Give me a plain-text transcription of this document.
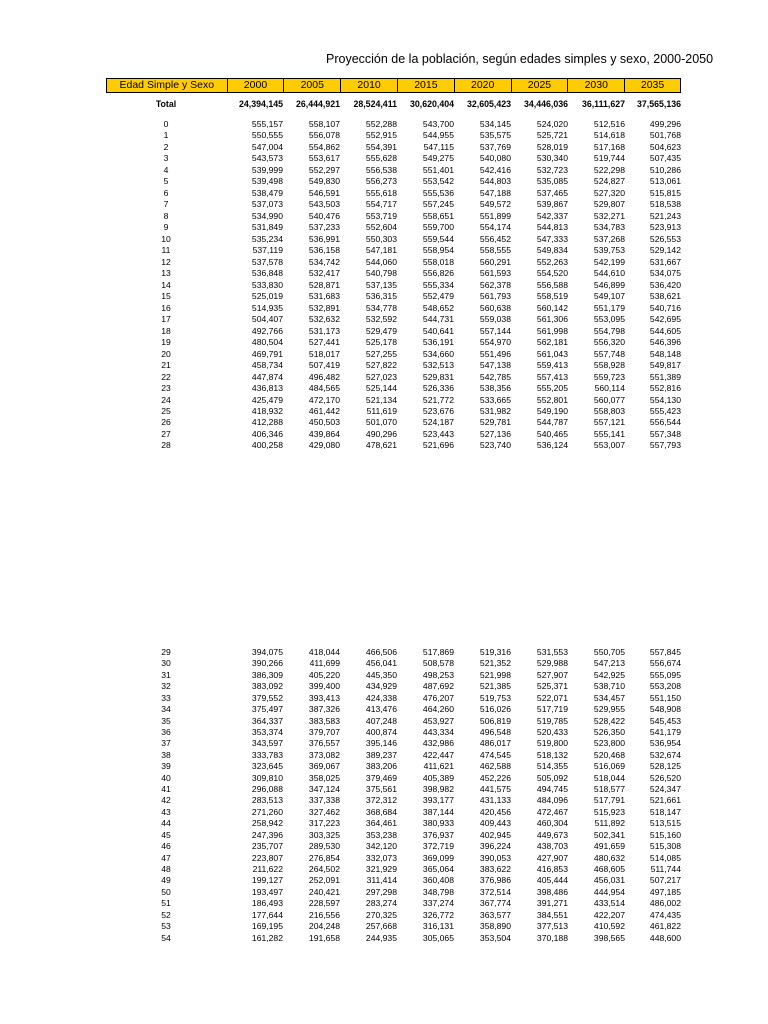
Proyección de la población, según edades simples y sexo, 2000-2050
Edad Simple y Sexo	2000	2005	2010	2015	2020	2025	2030	2035
Total	24,394,145	26,444,921	28,524,411	30,620,404	32,605,423	34,446,036	36,111,627	37,565,136
0	555,157	558,107	552,288	543,700	534,145	524,020	512,516	499,296
1	550,555	556,078	552,915	544,955	535,575	525,721	514,618	501,768
2	547,004	554,862	554,391	547,115	537,769	528,019	517,168	504,623
3	543,573	553,617	555,628	549,275	540,080	530,340	519,744	507,435
4	539,999	552,297	556,538	551,401	542,416	532,723	522,298	510,286
5	539,498	549,830	556,273	553,542	544,803	535,085	524,827	513,061
6	538,479	546,591	555,618	555,536	547,188	537,465	527,320	515,815
7	537,073	543,503	554,717	557,245	549,572	539,867	529,807	518,538
8	534,990	540,476	553,719	558,651	551,899	542,337	532,271	521,243
9	531,849	537,233	552,604	559,700	554,174	544,813	534,783	523,913
10	535,234	536,991	550,303	559,544	556,452	547,333	537,268	526,553
11	537,119	536,158	547,181	558,954	558,555	549,834	539,753	529,142
12	537,578	534,742	544,060	558,018	560,291	552,263	542,199	531,667
13	536,848	532,417	540,798	556,826	561,593	554,520	544,610	534,075
14	533,830	528,871	537,135	555,334	562,378	556,588	546,899	536,420
15	525,019	531,683	536,315	552,479	561,793	558,519	549,107	538,621
16	514,935	532,891	534,778	548,652	560,638	560,142	551,179	540,716
17	504,407	532,632	532,592	544,731	559,038	561,306	553,095	542,695
18	492,766	531,173	529,479	540,641	557,144	561,998	554,798	544,605
19	480,504	527,441	525,178	536,191	554,970	562,181	556,320	546,396
20	469,791	518,017	527,255	534,660	551,496	561,043	557,748	548,148
21	458,734	507,419	527,822	532,513	547,138	559,413	558,928	549,817
22	447,874	496,482	527,023	529,831	542,785	557,413	559,723	551,389
23	436,813	484,565	525,144	526,336	538,356	555,205	560,114	552,816
24	425,479	472,170	521,134	521,772	533,665	552,801	560,077	554,130
25	418,932	461,442	511,619	523,676	531,982	549,190	558,803	555,423
26	412,288	450,503	501,070	524,187	529,781	544,787	557,121	556,544
27	406,346	439,864	490,296	523,443	527,136	540,465	555,141	557,348
28	400,258	429,080	478,621	521,696	523,740	536,124	553,007	557,793
29	394,075	418,044	466,506	517,869	519,316	531,553	550,705	557,845
30	390,266	411,699	456,041	508,578	521,352	529,988	547,213	556,674
31	386,309	405,220	445,350	498,253	521,998	527,907	542,925	555,095
32	383,092	399,400	434,929	487,692	521,385	525,371	538,710	553,208
33	379,552	393,413	424,338	476,207	519,753	522,071	534,457	551,150
34	375,497	387,326	413,476	464,260	516,026	517,719	529,955	548,908
35	364,337	383,583	407,248	453,927	506,819	519,785	528,422	545,453
36	353,374	379,707	400,874	443,334	496,548	520,433	526,350	541,179
37	343,597	376,557	395,146	432,986	486,017	519,800	523,800	536,954
38	333,783	373,082	389,237	422,447	474,545	518,132	520,468	532,674
39	323,645	369,067	383,206	411,621	462,588	514,355	516,069	528,125
40	309,810	358,025	379,469	405,389	452,226	505,092	518,044	526,520
41	296,088	347,124	375,561	398,982	441,575	494,745	518,577	524,347
42	283,513	337,338	372,312	393,177	431,133	484,096	517,791	521,661
43	271,260	327,462	368,684	387,144	420,456	472,467	515,923	518,147
44	258,942	317,223	364,461	380,933	409,443	460,304	511,892	513,515
45	247,396	303,325	353,238	376,937	402,945	449,673	502,341	515,160
46	235,707	289,530	342,120	372,719	396,224	438,703	491,659	515,308
47	223,807	276,854	332,073	369,099	390,053	427,907	480,632	514,085
48	211,622	264,502	321,929	365,064	383,622	416,853	468,605	511,744
49	199,127	252,091	311,414	360,408	376,986	405,444	456,031	507,217
50	193,497	240,421	297,298	348,798	372,514	398,486	444,954	497,185
51	186,493	228,597	283,274	337,274	367,774	391,271	433,514	486,002
52	177,644	216,556	270,325	326,772	363,577	384,551	422,207	474,435
53	169,195	204,248	257,668	316,131	358,890	377,513	410,592	461,822
54	161,282	191,658	244,935	305,065	353,504	370,188	398,565	448,600
